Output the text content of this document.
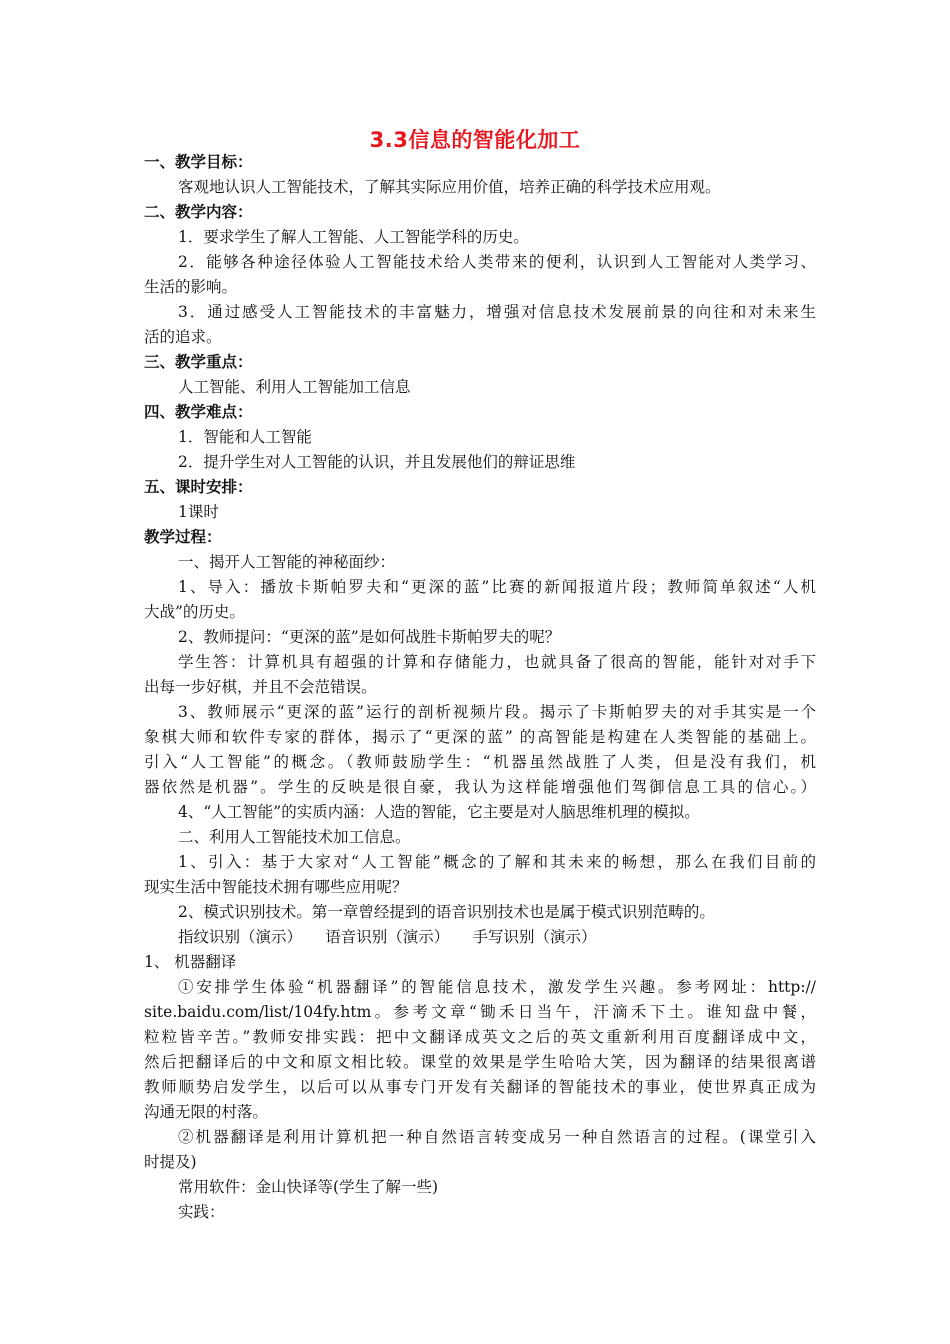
3.3信息的智能化加工
一、教学目标：
客观地认识人工智能技术，了解其实际应用价值，培养正确的科学技术应用观。
二、教学内容：
1．要求学生了解人工智能、人工智能学科的历史。
2．能够各种途径体验人工智能技术给人类带来的便利，认识到人工智能对人类学习、
生活的影响。
3．通过感受人工智能技术的丰富魅力，增强对信息技术发展前景的向往和对未来生
活的追求。
三、教学重点：
人工智能、利用人工智能加工信息
四、教学难点：
1．智能和人工智能
2．提升学生对人工智能的认识，并且发展他们的辩证思维
五、课时安排：
1课时
教学过程：
一、揭开人工智能的神秘面纱：
1、导入：播放卡斯帕罗夫和“更深的蓝”比赛的新闻报道片段；教师简单叙述“人机
大战”的历史。
2、教师提问：“更深的蓝”是如何战胜卡斯帕罗夫的呢？
学生答：计算机具有超强的计算和存储能力，也就具备了很高的智能，能针对对手下
出每一步好棋，并且不会范错误。
3、教师展示“更深的蓝”运行的剖析视频片段。揭示了卡斯帕罗夫的对手其实是一个
象棋大师和软件专家的群体，揭示了“更深的蓝” 的高智能是构建在人类智能的基础上。
引入“人工智能”的概念。（教师鼓励学生：“机器虽然战胜了人类，但是没有我们，机
器依然是机器”。学生的反映是很自豪，我认为这样能增强他们驾御信息工具的信心。）
4、“人工智能”的实质内涵：人造的智能，它主要是对人脑思维机理的模拟。
二、利用人工智能技术加工信息。
1、引入：基于大家对“人工智能”概念的了解和其未来的畅想，那么在我们目前的
现实生活中智能技术拥有哪些应用呢？
2、模式识别技术。第一章曾经提到的语音识别技术也是属于模式识别范畴的。
指纹识别（演示）　　语音识别（演示）　　手写识别（演示）
1、 机器翻译
①安排学生体验“机器翻译”的智能信息技术，激发学生兴趣。参考网址：http://
site.baidu.com/list/104fy.htm。参考文章“锄禾日当午，汗滴禾下土。谁知盘中餐，
粒粒皆辛苦。”教师安排实践：把中文翻译成英文之后的英文重新利用百度翻译成中文，
然后把翻译后的中文和原文相比较。课堂的效果是学生哈哈大笑，因为翻译的结果很离谱
教师顺势启发学生，以后可以从事专门开发有关翻译的智能技术的事业，使世界真正成为
沟通无限的村落。
②机器翻译是利用计算机把一种自然语言转变成另一种自然语言的过程。(课堂引入
时提及)
常用软件：金山快译等(学生了解一些)
实践：
